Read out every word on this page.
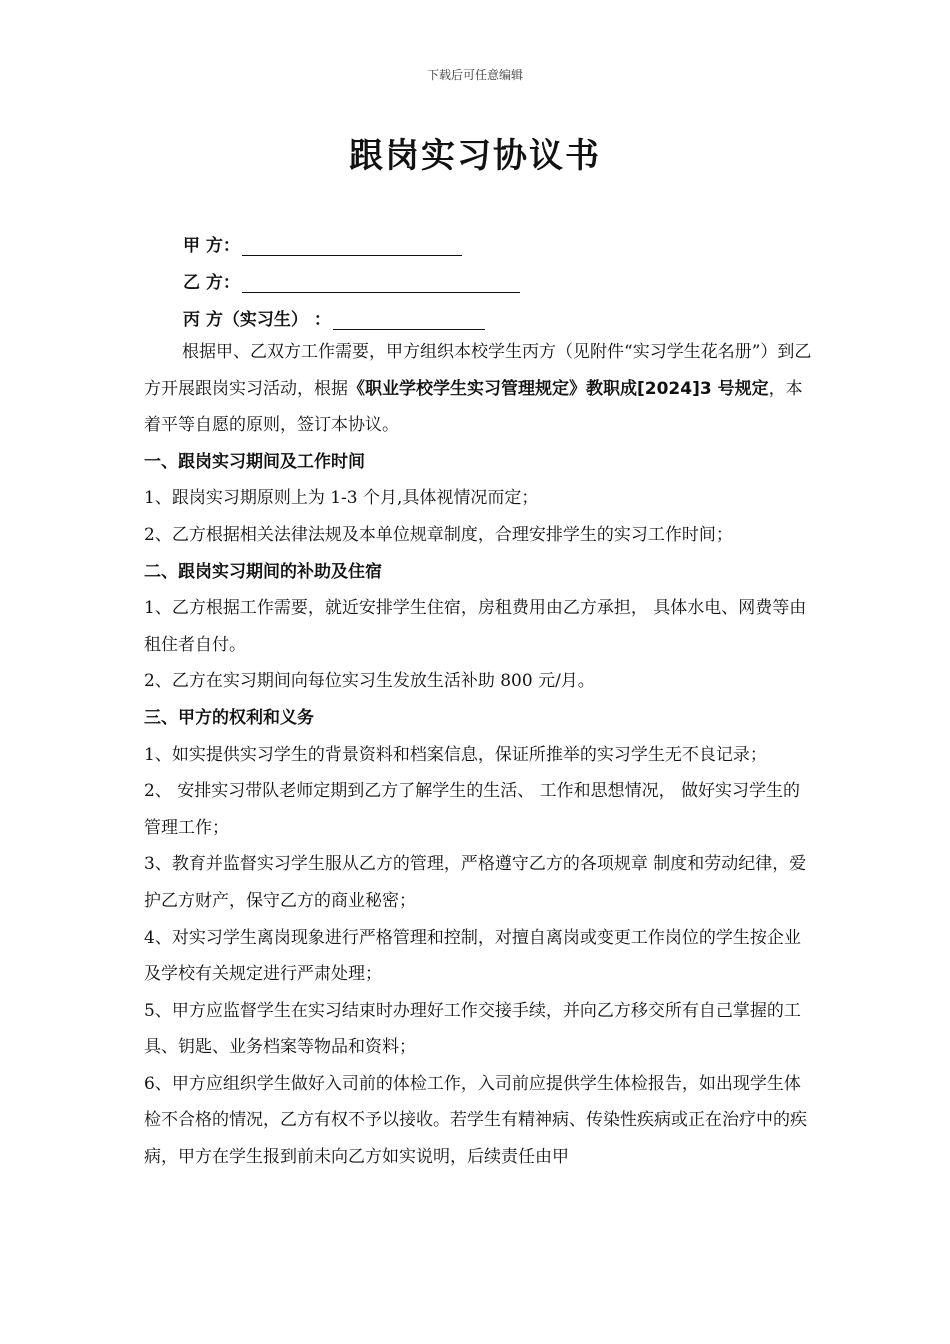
下载后可任意编辑
跟岗实习协议书
甲 方：
乙 方：
丙 方（实习生） ：

根据甲、乙双方工作需要，甲方组织本校学生丙方（见附件“实习学生花名册”）到乙方开展跟岗实习活动，根据《职业学校学生实习管理规定》教职成[2024]3 号规定，本着平等自愿的原则，签订本协议。

一、跟岗实习期间及工作时间

1、跟岗实习期原则上为 1-3 个月,具体视情况而定；

2、乙方根据相关法律法规及本单位规章制度，合理安排学生的实习工作时间；

二、跟岗实习期间的补助及住宿

1、乙方根据工作需要，就近安排学生住宿，房租费用由乙方承担， 具体水电、网费等由租住者自付。

2、乙方在实习期间向每位实习生发放生活补助 800 元/月。

三、甲方的权利和义务

1、如实提供实习学生的背景资料和档案信息，保证所推举的实习学生无不良记录；

2、 安排实习带队老师定期到乙方了解学生的生活、 工作和思想情况， 做好实习学生的管理工作；

3、教育并监督实习学生服从乙方的管理，严格遵守乙方的各项规章 制度和劳动纪律，爱护乙方财产，保守乙方的商业秘密；

4、对实习学生离岗现象进行严格管理和控制，对擅自离岗或变更工作岗位的学生按企业及学校有关规定进行严肃处理；

5、甲方应监督学生在实习结束时办理好工作交接手续，并向乙方移交所有自己掌握的工具、钥匙、业务档案等物品和资料；

6、甲方应组织学生做好入司前的体检工作，入司前应提供学生体检报告，如出现学生体检不合格的情况，乙方有权不予以接收。若学生有精神病、传染性疾病或正在治疗中的疾病，甲方在学生报到前未向乙方如实说明，后续责任由甲
